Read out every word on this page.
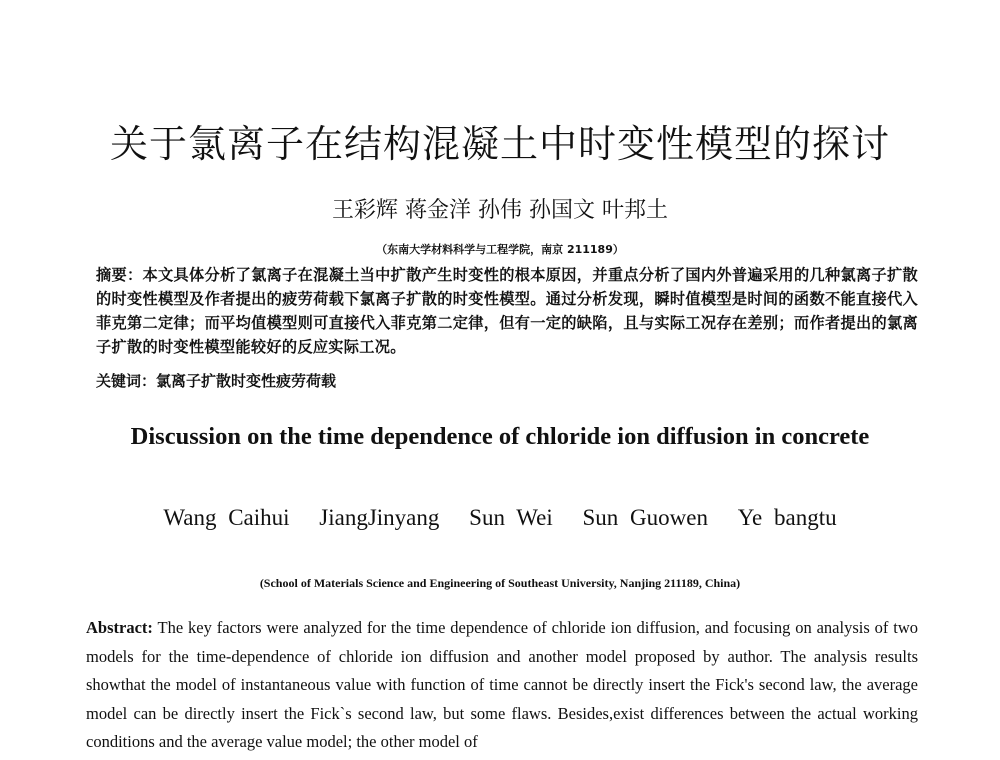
关于氯离子在结构混凝土中时变性模型的探讨
王彩辉 蒋金洋 孙伟 孙国文 叶邦土
（东南大学材料科学与工程学院，南京 211189）
摘要：本文具体分析了氯离子在混凝土当中扩散产生时变性的根本原因，并重点分析了国内外普遍采用的几种氯离子扩散的时变性模型及作者提出的疲劳荷载下氯离子扩散的时变性模型。通过分析发现，瞬时值模型是时间的函数不能直接代入菲克第二定律；而平均值模型则可直接代入菲克第二定律，但有一定的缺陷，且与实际工况存在差别；而作者提出的氯离子扩散的时变性模型能较好的反应实际工况。
关键词：氯离子扩散时变性疲劳荷载
Discussion on the time dependence of chloride ion diffusion in concrete
Wang Caihui JiangJinyang Sun Wei Sun Guowen Ye bangtu
(School of Materials Science and Engineering of Southeast University, Nanjing 211189, China)
Abstract: The key factors were analyzed for the time dependence of chloride ion diffusion, and focusing on analysis of two models for the time-dependence of chloride ion diffusion and another model proposed by author. The analysis results showthat the model of instantaneous value with function of time cannot be directly insert the Fick's second law, the average model can be directly insert the Fick`s second law, but some flaws. Besides,exist differences between the actual working conditions and the average value model; the other model of
